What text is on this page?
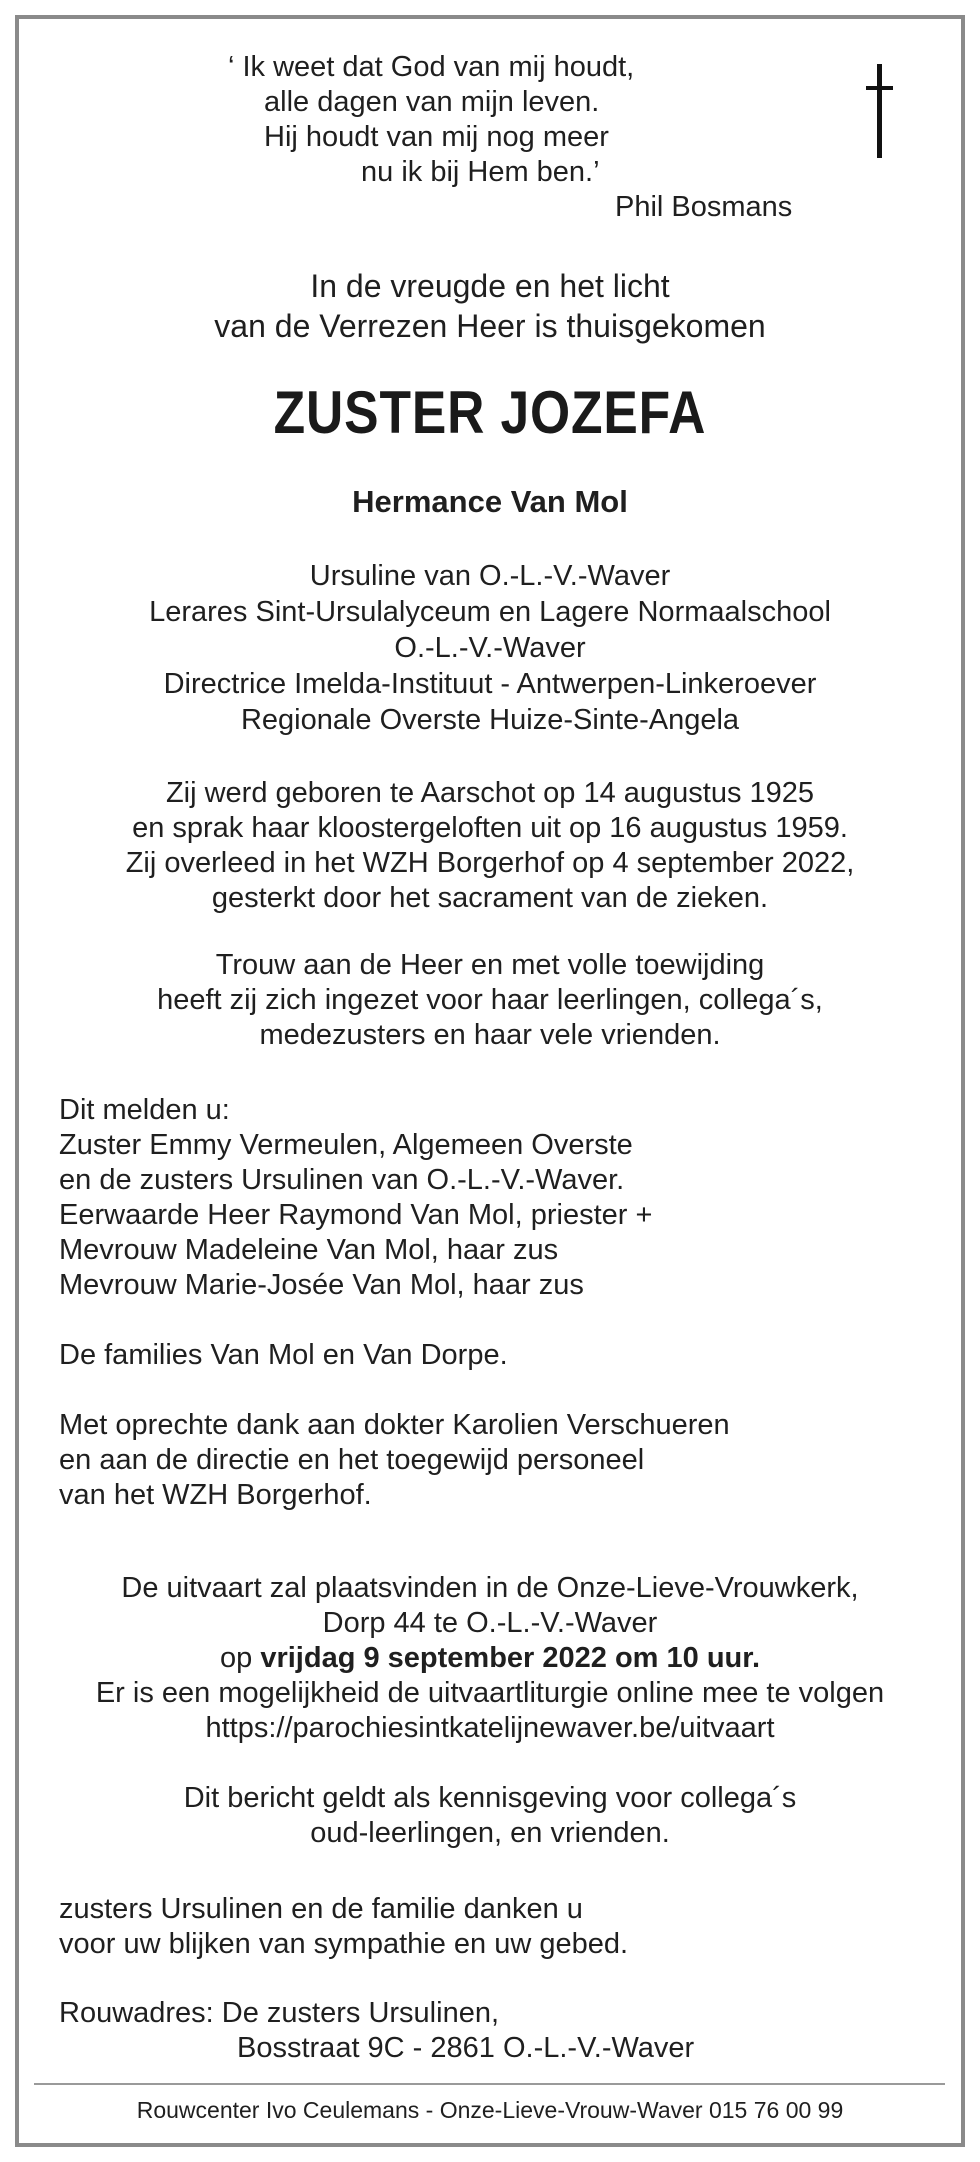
‘ Ik weet dat God van mij houdt,
alle dagen van mijn leven.
Hij houdt van mij nog meer
nu ik bij Hem ben.’
Phil Bosmans
In de vreugde en het licht
van de Verrezen Heer is thuisgekomen
ZUSTER JOZEFA
Hermance Van Mol
Ursuline van O.-L.-V.-Waver
Lerares Sint-Ursulalyceum en Lagere Normaalschool
O.-L.-V.-Waver
Directrice Imelda-Instituut - Antwerpen-Linkeroever
Regionale Overste Huize-Sinte-Angela
Zij werd geboren te Aarschot op 14 augustus 1925
en sprak haar kloostergeloften uit op 16 augustus 1959.
Zij overleed in het WZH Borgerhof op 4 september 2022,
gesterkt door het sacrament van de zieken.
Trouw aan de Heer en met volle toewijding
heeft zij zich ingezet voor haar leerlingen, collega´s,
medezusters en haar vele vrienden.
Dit melden u:
Zuster Emmy Vermeulen, Algemeen Overste
en de zusters Ursulinen van O.-L.-V.-Waver.
Eerwaarde Heer Raymond Van Mol, priester +
Mevrouw Madeleine Van Mol, haar zus
Mevrouw Marie-Josée Van Mol, haar zus
De families Van Mol en Van Dorpe.
Met oprechte dank aan dokter Karolien Verschueren
en aan de directie en het toegewijd personeel
van het WZH Borgerhof.
De uitvaart zal plaatsvinden in de Onze-Lieve-Vrouwkerk,
Dorp 44 te O.-L.-V.-Waver
op vrijdag 9 september 2022 om 10 uur.
Er is een mogelijkheid de uitvaartliturgie online mee te volgen
https://parochiesintkatelijnewaver.be/uitvaart
Dit bericht geldt als kennisgeving voor collega´s
oud-leerlingen, en vrienden.
zusters Ursulinen en de familie danken u
voor uw blijken van sympathie en uw gebed.
Rouwadres: De zusters Ursulinen,
Bosstraat 9C - 2861 O.-L.-V.-Waver
Rouwcenter Ivo Ceulemans - Onze-Lieve-Vrouw-Waver 015 76 00 99
